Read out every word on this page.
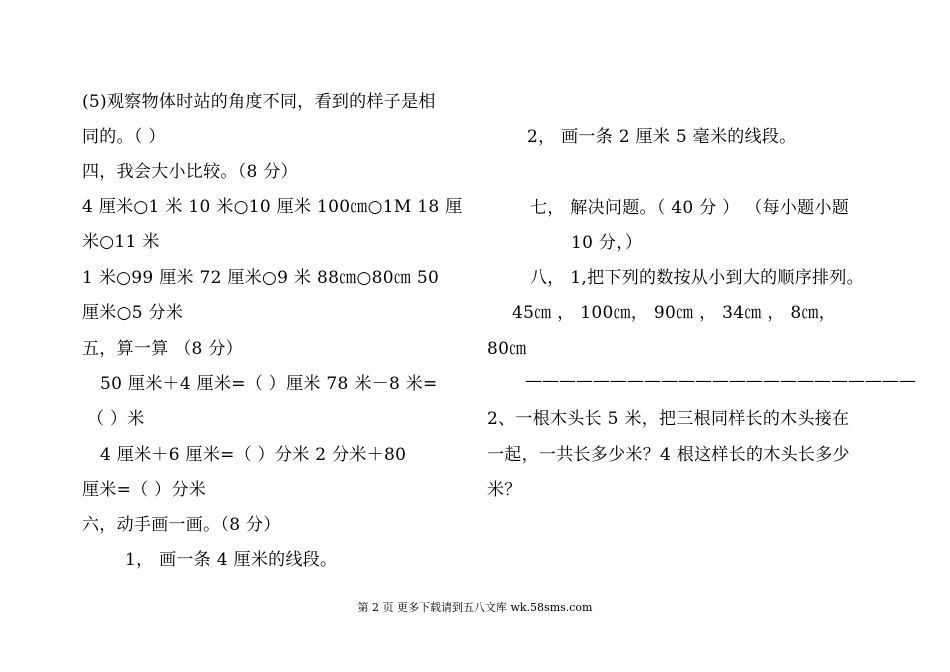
(5)观察物体时站的角度不同，看到的样子是相
同的。（ ）
四，我会大小比较。（8 分）
4 厘米○1 米 10 米○10 厘米 100㎝○1M 18 厘
米○11 米
1 米○99 厘米 72 厘米○9 米 88㎝○80㎝ 50
厘米○5 分米
五，算一算 （8 分）
50 厘米＋4 厘米=（ ）厘米 78 米－8 米=
（ ）米
4 厘米＋6 厘米=（ ）分米 2 分米＋80
厘米=（ ）分米
六，动手画一画。（8 分）
1， 画一条 4 厘米的线段。
2， 画一条 2 厘米 5 毫米的线段。
七， 解决问题。（ 40 分 ） （每小题小题
10 分，）
八， 1,把下列的数按从小到大的顺序排列。
45㎝ ， 100㎝， 90㎝ ， 34㎝ ， 8㎝，
80㎝
———————————————————————
2、一根木头长 5 米，把三根同样长的木头接在
一起，一共长多少米？4 根这样长的木头长多少
米？
第 2 页 更多下载请到五八文库 wk.58sms.com
